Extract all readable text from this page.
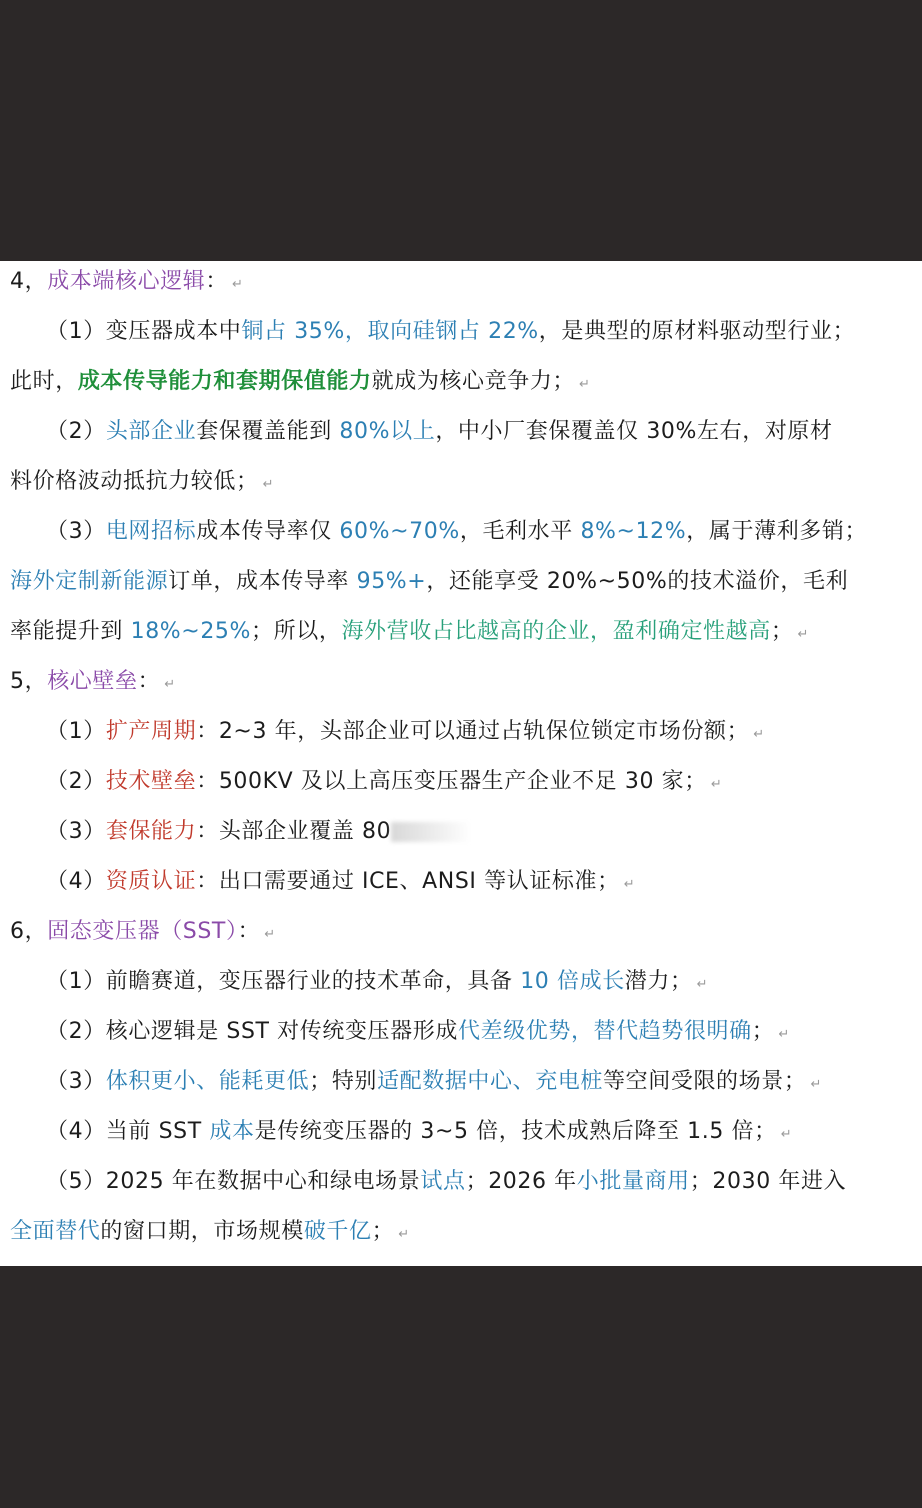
4，成本端核心逻辑： ↵
（1）变压器成本中铜占 35%，取向硅钢占 22%，是典型的原材料驱动型行业；
此时，成本传导能力和套期保值能力就成为核心竞争力； ↵
（2）头部企业套保覆盖能到 80%以上，中小厂套保覆盖仅 30%左右，对原材
料价格波动抵抗力较低； ↵
（3）电网招标成本传导率仅 60%~70%，毛利水平 8%~12%，属于薄利多销；
海外定制新能源订单，成本传导率 95%+，还能享受 20%~50%的技术溢价，毛利
率能提升到 18%~25%；所以，海外营收占比越高的企业，盈利确定性越高； ↵
5，核心壁垒： ↵
（1）扩产周期：2~3 年，头部企业可以通过占轨保位锁定市场份额； ↵
（2）技术壁垒：500KV 及以上高压变压器生产企业不足 30 家； ↵
（3）套保能力：头部企业覆盖 80
（4）资质认证：出口需要通过 ICE、ANSI 等认证标准； ↵
6，固态变压器（SST）： ↵
（1）前瞻赛道，变压器行业的技术革命，具备 10 倍成长潜力； ↵
（2）核心逻辑是 SST 对传统变压器形成代差级优势，替代趋势很明确； ↵
（3）体积更小、能耗更低；特别适配数据中心、充电桩等空间受限的场景； ↵
（4）当前 SST 成本是传统变压器的 3~5 倍，技术成熟后降至 1.5 倍； ↵
（5）2025 年在数据中心和绿电场景试点；2026 年小批量商用；2030 年进入
全面替代的窗口期，市场规模破千亿； ↵
